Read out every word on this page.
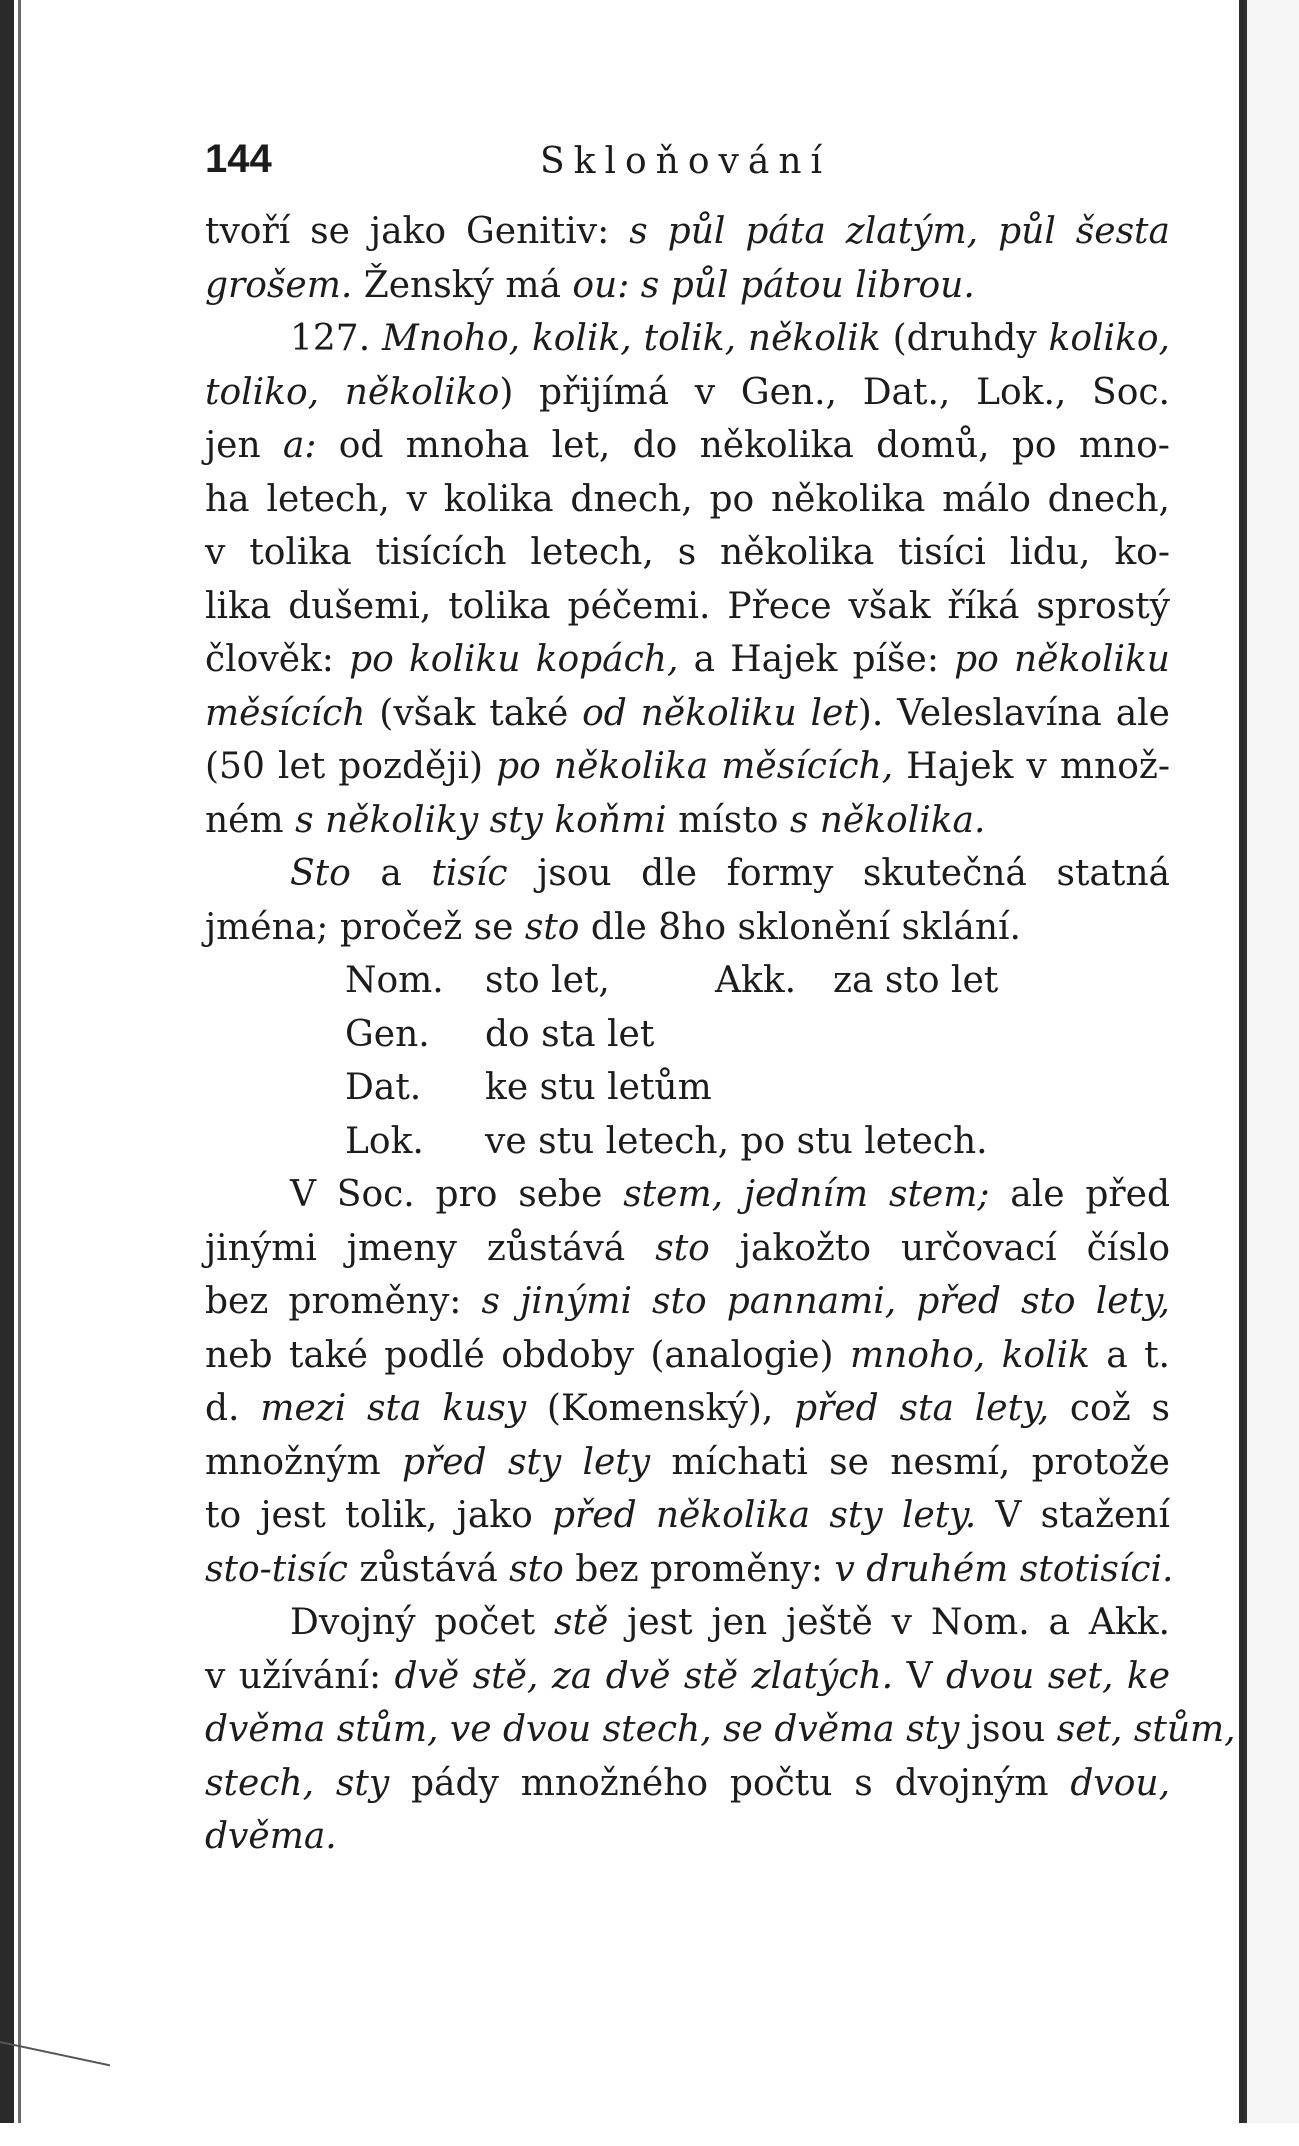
144	Skloňování

tvoří se jako Genitiv: s půl páta zlatým, půl šesta
grošem. Ženský má ou: s půl pátou librou.

127. Mnoho, kolik, tolik, několik (druhdy koliko,
toliko, několiko) přijímá v Gen., Dat., Lok., Soc.
jen a: od mnoha let, do několika domů, po mno-
ha letech, v kolika dnech, po několika málo dnech,
v tolika tisících letech, s několika tisíci lidu, ko-
lika dušemi, tolika péčemi. Přece však říká sprostý
člověk: po koliku kopách, a Hajek píše: po několiku
měsících (však také od několiku let). Veleslavína ale
(50 let později) po několika měsících, Hajek v množ-
ném s několiky sty koňmi místo s několika.

Sto a tisíc jsou dle formy skutečná statná
jména; pročež se sto dle 8ho sklonění sklání.

Nom.	sto let,	Akk.	za sto let
Gen.	do sta let
Dat.	ke stu letům
Lok.	ve stu letech, po stu letech.

V Soc. pro sebe stem, jedním stem; ale před
jinými jmeny zůstává sto jakožto určovací číslo
bez proměny: s jinými sto pannami, před sto lety,
neb také podlé obdoby (analogie) mnoho, kolik a t.
d. mezi sta kusy (Komenský), před sta lety, což s
množným před sty lety míchati se nesmí, protože
to jest tolik, jako před několika sty lety. V stažení
sto-tisíc zůstává sto bez proměny: v druhém stotisíci.

Dvojný počet stě jest jen ještě v Nom. a Akk.
v užívání: dvě stě, za dvě stě zlatých. V dvou set, ke
dvěma stům, ve dvou stech, se dvěma sty jsou set, stům,
stech, sty pády množného počtu s dvojným dvou,
dvěma.
